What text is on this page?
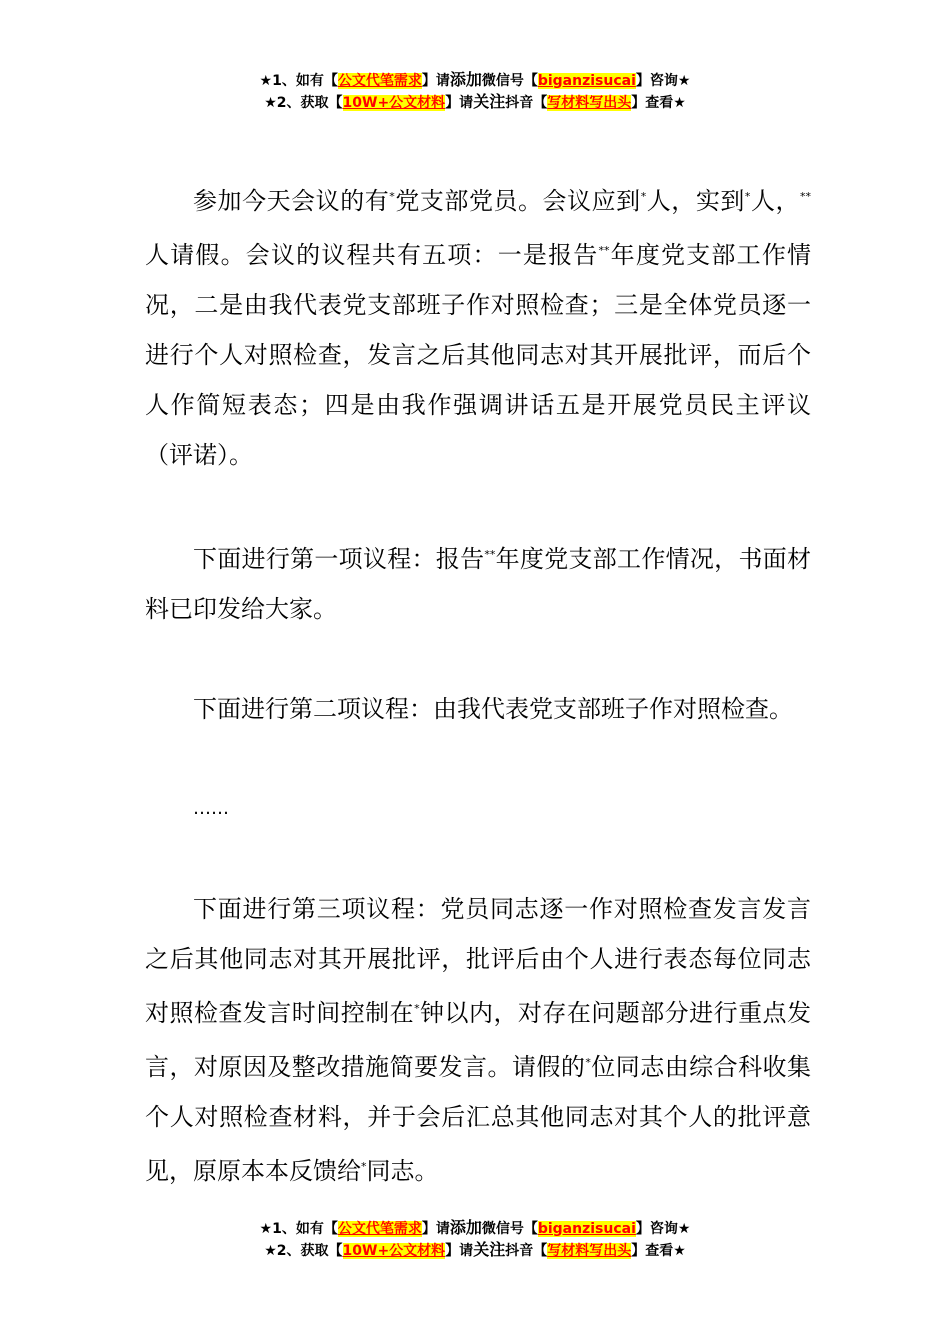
★1、如有【公文代笔需求】请添加微信号【biganzisucai】咨询★
★2、获取【10W+公文材料】请关注抖音【写材料写出头】查看★

参加今天会议的有*党支部党员。会议应到*人，实到*人，**人请假。会议的议程共有五项：一是报告**年度党支部工作情况，二是由我代表党支部班子作对照检查；三是全体党员逐一进行个人对照检查，发言之后其他同志对其开展批评，而后个人作简短表态；四是由我作强调讲话五是开展党员民主评议（评诺）。

下面进行第一项议程：报告**年度党支部工作情况，书面材料已印发给大家。

下面进行第二项议程：由我代表党支部班子作对照检查。

……

下面进行第三项议程：党员同志逐一作对照检查发言发言之后其他同志对其开展批评，批评后由个人进行表态每位同志对照检查发言时间控制在*钟以内，对存在问题部分进行重点发言，对原因及整改措施简要发言。请假的*位同志由综合科收集个人对照检查材料，并于会后汇总其他同志对其个人的批评意见，原原本本反馈给*同志。

★1、如有【公文代笔需求】请添加微信号【biganzisucai】咨询★
★2、获取【10W+公文材料】请关注抖音【写材料写出头】查看★
